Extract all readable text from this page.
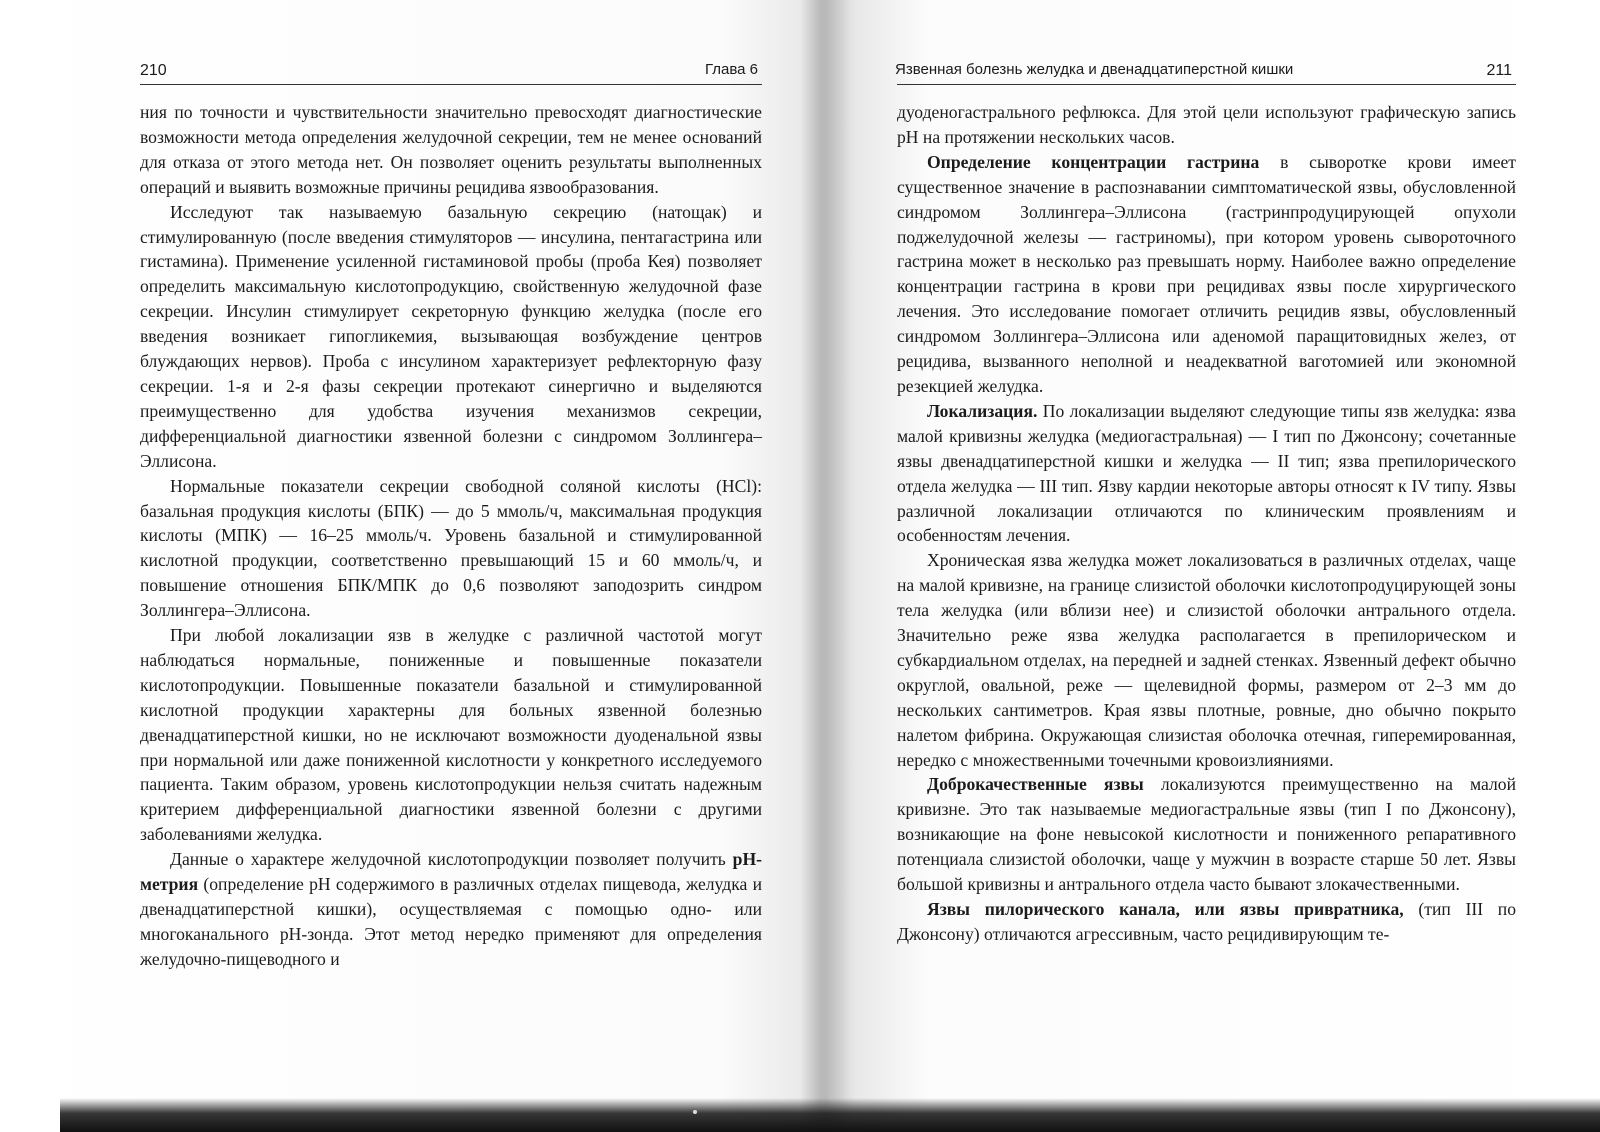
210	Глава 6

ния по точности и чувствительности значительно превосходят диагностические возможности метода определения желудочной секреции, тем не менее оснований для отказа от этого метода нет. Он позволяет оценить результаты выполненных операций и выявить возможные причины рецидива язвообразования.

Исследуют так называемую базальную секрецию (натощак) и стимулированную (после введения стимуляторов — инсулина, пентагастрина или гистамина). Применение усиленной гистаминовой пробы (проба Кея) позволяет определить максимальную кислотопродукцию, свойственную желудочной фазе секреции. Инсулин стимулирует секреторную функцию желудка (после его введения возникает гипогликемия, вызывающая возбуждение центров блуждающих нервов). Проба с инсулином характеризует рефлекторную фазу секреции. 1-я и 2-я фазы секреции протекают синергично и выделяются преимущественно для удобства изучения механизмов секреции, дифференциальной диагностики язвенной болезни с синдромом Золлингера–Эллисона.

Нормальные показатели секреции свободной соляной кислоты (HCl): базальная продукция кислоты (БПК) — до 5 ммоль/ч, максимальная продукция кислоты (МПК) — 16–25 ммоль/ч. Уровень базальной и стимулированной кислотной продукции, соответственно превышающий 15 и 60 ммоль/ч, и повышение отношения БПК/МПК до 0,6 позволяют заподозрить синдром Золлингера–Эллисона.

При любой локализации язв в желудке с различной частотой могут наблюдаться нормальные, пониженные и повышенные показатели кислотопродукции. Повышенные показатели базальной и стимулированной кислотной продукции характерны для больных язвенной болезнью двенадцатиперстной кишки, но не исключают возможности дуоденальной язвы при нормальной или даже пониженной кислотности у конкретного исследуемого пациента. Таким образом, уровень кислотопродукции нельзя считать надежным критерием дифференциальной диагностики язвенной болезни с другими заболеваниями желудка.

Данные о характере желудочной кислотопродукции позволяет получить рН-метрия (определение рН содержимого в различных отделах пищевода, желудка и двенадцатиперстной кишки), осуществляемая с помощью одно- или многоканального рН-зонда. Этот метод нередко применяют для определения желудочно-пищеводного и

Язвенная болезнь желудка и двенадцатиперстной кишки	211

дуоденогастрального рефлюкса. Для этой цели используют графическую запись рН на протяжении нескольких часов.

Определение концентрации гастрина в сыворотке крови имеет существенное значение в распознавании симптоматической язвы, обусловленной синдромом Золлингера–Эллисона (гастринпродуцирующей опухоли поджелудочной железы — гастриномы), при котором уровень сывороточного гастрина может в несколько раз превышать норму. Наиболее важно определение концентрации гастрина в крови при рецидивах язвы после хирургического лечения. Это исследование помогает отличить рецидив язвы, обусловленный синдромом Золлингера–Эллисона или аденомой паращитовидных желез, от рецидива, вызванного неполной и неадекватной ваготомией или экономной резекцией желудка.

Локализация. По локализации выделяют следующие типы язв желудка: язва малой кривизны желудка (медиогастральная) — I тип по Джонсону; сочетанные язвы двенадцатиперстной кишки и желудка — II тип; язва препилорического отдела желудка — III тип. Язву кардии некоторые авторы относят к IV типу. Язвы различной локализации отличаются по клиническим проявлениям и особенностям лечения.

Хроническая язва желудка может локализоваться в различных отделах, чаще на малой кривизне, на границе слизистой оболочки кислотопродуцирующей зоны тела желудка (или вблизи нее) и слизистой оболочки антрального отдела. Значительно реже язва желудка располагается в препилорическом и субкардиальном отделах, на передней и задней стенках. Язвенный дефект обычно округлой, овальной, реже — щелевидной формы, размером от 2–3 мм до нескольких сантиметров. Края язвы плотные, ровные, дно обычно покрыто налетом фибрина. Окружающая слизистая оболочка отечная, гиперемированная, нередко с множественными точечными кровоизлияниями.

Доброкачественные язвы локализуются преимущественно на малой кривизне. Это так называемые медиогастральные язвы (тип I по Джонсону), возникающие на фоне невысокой кислотности и пониженного репаративного потенциала слизистой оболочки, чаще у мужчин в возрасте старше 50 лет. Язвы большой кривизны и антрального отдела часто бывают злокачественными.

Язвы пилорического канала, или язвы привратника, (тип III по Джонсону) отличаются агрессивным, часто рецидивирующим те-
